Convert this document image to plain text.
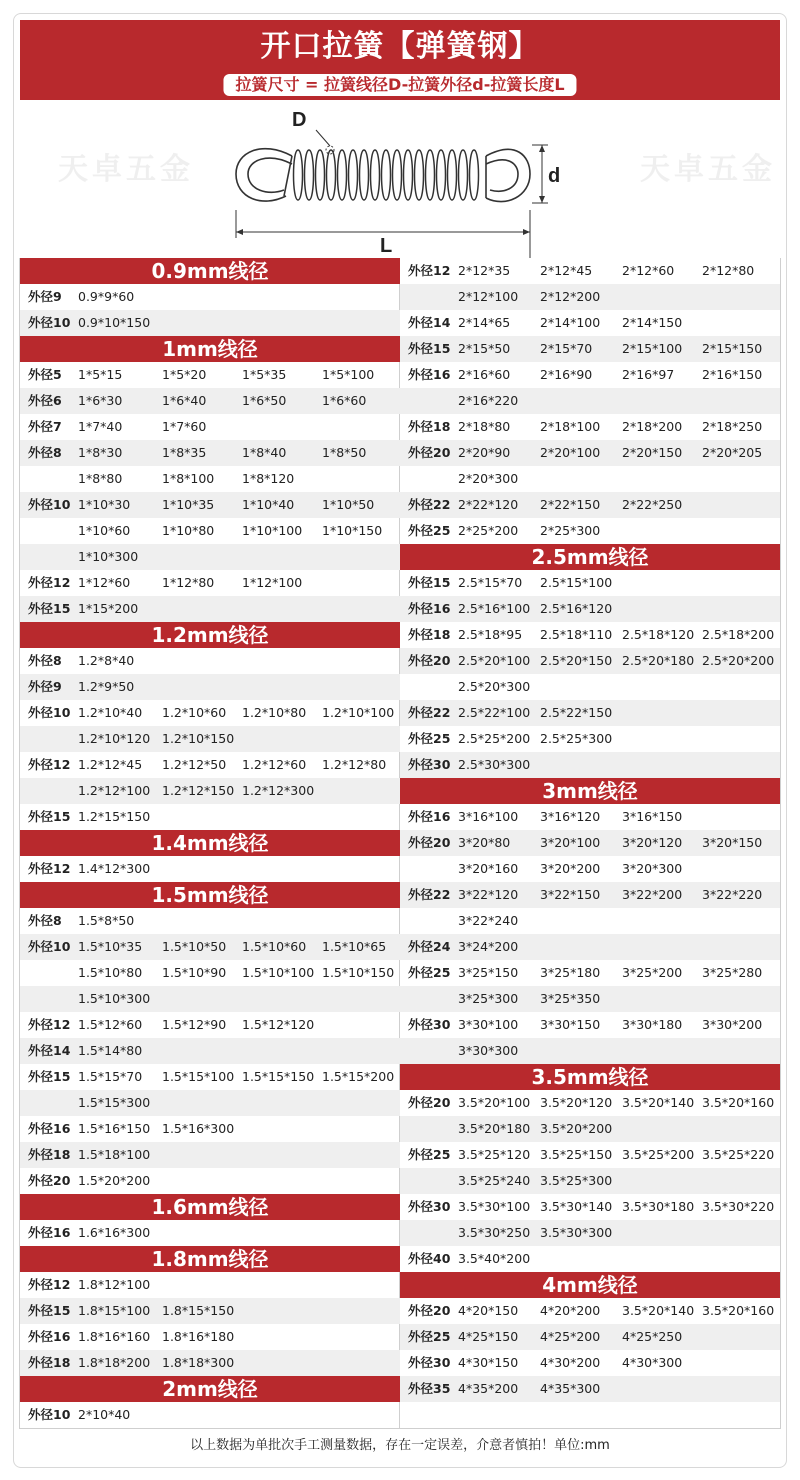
开口拉簧【弹簧钢】
拉簧尺寸 = 拉簧线径D-拉簧外径d-拉簧长度L
天卓五金	天卓五金
D
d
L
0.9mm线径
外径9 0.9*9*60
外径10 0.9*10*150
1mm线径
外径5 1*5*15	1*5*20	1*5*35	1*5*100
外径6 1*6*30	1*6*40	1*6*50	1*6*60
外径7 1*7*40	1*7*60
外径8 1*8*30	1*8*35	1*8*40	1*8*50
1*8*80	1*8*100 1*8*120
外径10 1*10*30	1*10*35 1*10*40 1*10*50
1*10*60	1*10*80 1*10*100 1*10*150
1*10*300
外径12 1*12*60	1*12*80 1*12*100
外径15 1*15*200
1.2mm线径
外径8 1.2*8*40
外径9 1.2*9*50
外径10 1.2*10*40 1.2*10*60 1.2*10*80 1.2*10*100
1.2*10*120 1.2*10*150
外径12 1.2*12*45 1.2*12*50 1.2*12*60 1.2*12*80
1.2*12*100 1.2*12*150 1.2*12*300
外径15 1.2*15*150
1.4mm线径
外径12 1.4*12*300
1.5mm线径
外径8 1.5*8*50
外径10 1.5*10*35 1.5*10*50 1.5*10*60 1.5*10*65
1.5*10*80 1.5*10*90 1.5*10*100 1.5*10*150
1.5*10*300
外径12 1.5*12*60 1.5*12*90 1.5*12*120
外径14 1.5*14*80
外径15 1.5*15*70 1.5*15*100 1.5*15*150 1.5*15*200
1.5*15*300
外径16 1.5*16*150 1.5*16*300
外径18 1.5*18*100
外径20 1.5*20*200
1.6mm线径
外径16 1.6*16*300
1.8mm线径
外径12 1.8*12*100
外径15 1.8*15*100 1.8*15*150
外径16 1.8*16*160 1.8*16*180
外径18 1.8*18*200 1.8*18*300
2mm线径
外径10 2*10*40
外径12 2*12*35 2*12*45 2*12*60 2*12*80
2*12*100 2*12*200
外径14 2*14*65 2*14*100 2*14*150
外径15 2*15*50 2*15*70 2*15*100 2*15*150
外径16 2*16*60 2*16*90 2*16*97 2*16*150
2*16*220
外径18 2*18*80 2*18*100 2*18*200 2*18*250
外径20 2*20*90 2*20*100 2*20*150 2*20*205
2*20*300
外径22 2*22*120 2*22*150 2*22*250
外径25 2*25*200 2*25*300
2.5mm线径
外径15 2.5*15*70 2.5*15*100
外径16 2.5*16*100 2.5*16*120
外径18 2.5*18*95 2.5*18*110 2.5*18*120 2.5*18*200
外径20 2.5*20*100 2.5*20*150 2.5*20*180 2.5*20*200
2.5*20*300
外径22 2.5*22*100 2.5*22*150
外径25 2.5*25*200 2.5*25*300
外径30 2.5*30*300
3mm线径
外径16 3*16*100 3*16*120 3*16*150
外径20 3*20*80 3*20*100 3*20*120 3*20*150
3*20*160 3*20*200 3*20*300
外径22 3*22*120 3*22*150 3*22*200 3*22*220
3*22*240
外径24 3*24*200
外径25 3*25*150 3*25*180 3*25*200 3*25*280
3*25*300 3*25*350
外径30 3*30*100 3*30*150 3*30*180 3*30*200
3*30*300
3.5mm线径
外径20 3.5*20*100 3.5*20*120 3.5*20*140 3.5*20*160
3.5*20*180 3.5*20*200
外径25 3.5*25*120 3.5*25*150 3.5*25*200 3.5*25*220
3.5*25*240 3.5*25*300
外径30 3.5*30*100 3.5*30*140 3.5*30*180 3.5*30*220
3.5*30*250 3.5*30*300
外径40 3.5*40*200
4mm线径
外径20 4*20*150 4*20*200 3.5*20*140 3.5*20*160
外径25 4*25*150 4*25*200 4*25*250
外径30 4*30*150 4*30*200 4*30*300
外径35 4*35*200 4*35*300
以上数据为单批次手工测量数据，存在一定误差，介意者慎拍！单位:mm
